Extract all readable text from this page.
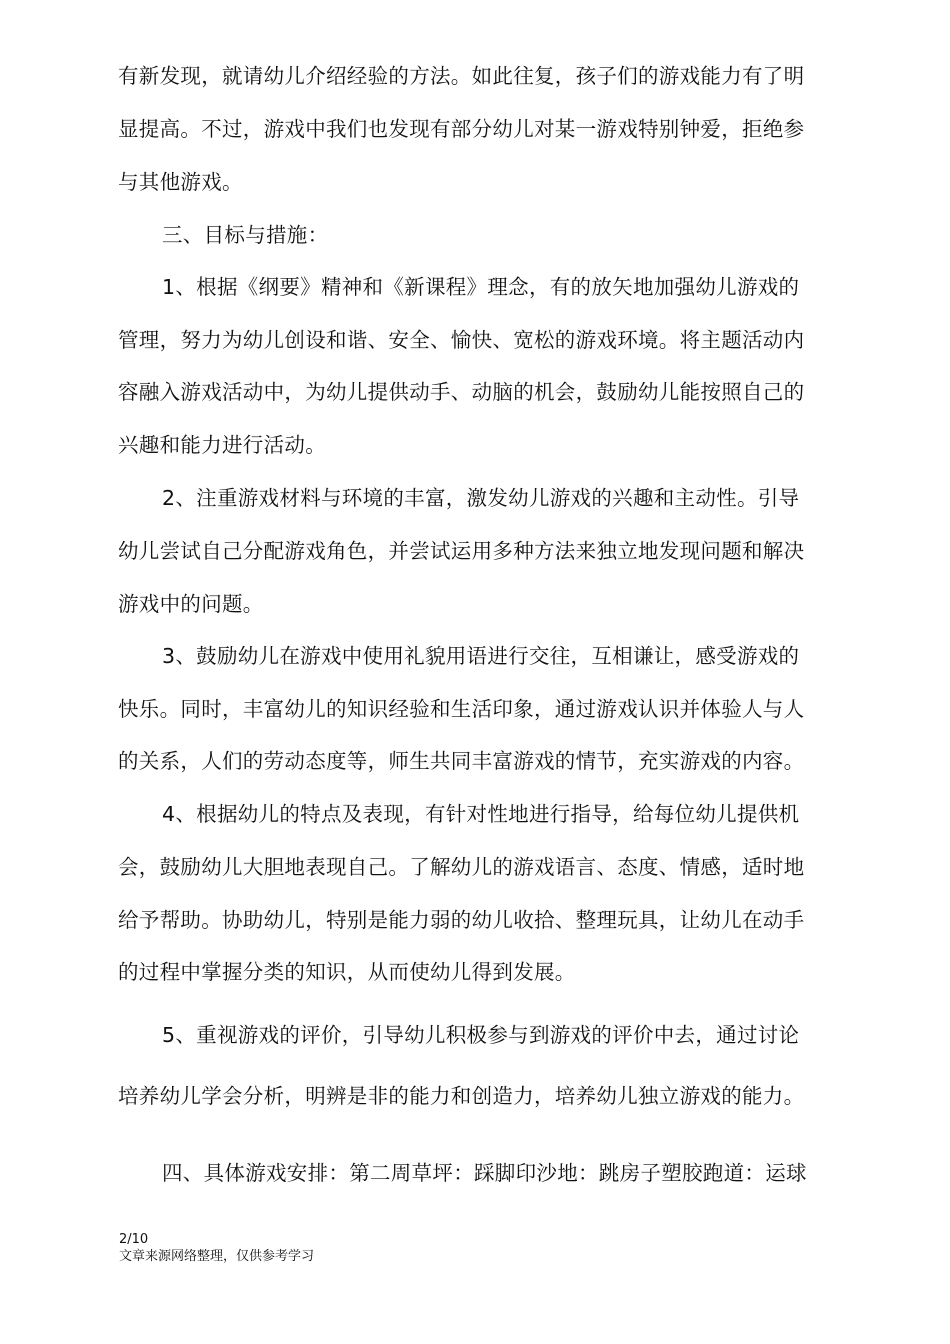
有新发现，就请幼儿介绍经验的方法。如此往复，孩子们的游戏能力有了明
显提高。不过，游戏中我们也发现有部分幼儿对某一游戏特别钟爱，拒绝参
与其他游戏。
三、目标与措施：
1、根据《纲要》精神和《新课程》理念，有的放矢地加强幼儿游戏的
管理，努力为幼儿创设和谐、安全、愉快、宽松的游戏环境。将主题活动内
容融入游戏活动中，为幼儿提供动手、动脑的机会，鼓励幼儿能按照自己的
兴趣和能力进行活动。
2、注重游戏材料与环境的丰富，激发幼儿游戏的兴趣和主动性。引导
幼儿尝试自己分配游戏角色，并尝试运用多种方法来独立地发现问题和解决
游戏中的问题。
3、鼓励幼儿在游戏中使用礼貌用语进行交往，互相谦让，感受游戏的
快乐。同时，丰富幼儿的知识经验和生活印象，通过游戏认识并体验人与人
的关系，人们的劳动态度等，师生共同丰富游戏的情节，充实游戏的内容。
4、根据幼儿的特点及表现，有针对性地进行指导，给每位幼儿提供机
会，鼓励幼儿大胆地表现自己。了解幼儿的游戏语言、态度、情感，适时地
给予帮助。协助幼儿，特别是能力弱的幼儿收拾、整理玩具，让幼儿在动手
的过程中掌握分类的知识，从而使幼儿得到发展。
5、重视游戏的评价，引导幼儿积极参与到游戏的评价中去，通过讨论
培养幼儿学会分析，明辨是非的能力和创造力，培养幼儿独立游戏的能力。
四、具体游戏安排：第二周草坪：踩脚印沙地：跳房子塑胶跑道：运球
2/10
文章来源网络整理，仅供参考学习
